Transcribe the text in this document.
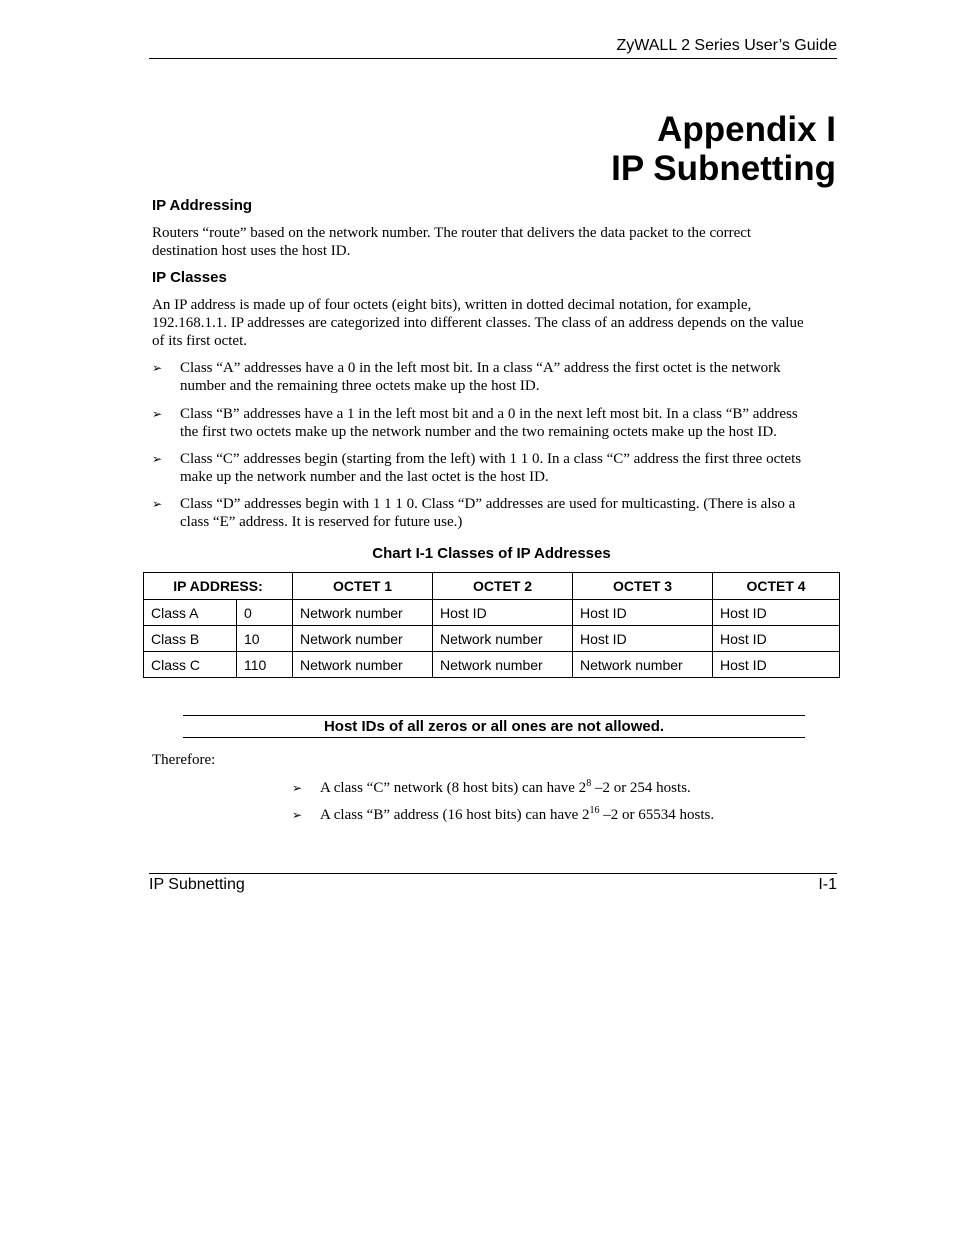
ZyWALL 2 Series User’s Guide
Appendix I
IP Subnetting
IP Addressing
Routers “route” based on the network number. The router that delivers the data packet to the correct
destination host uses the host ID.
IP Classes
An IP address is made up of four octets (eight bits), written in dotted decimal notation, for example,
192.168.1.1. IP addresses are categorized into different classes. The class of an address depends on the value
of its first octet.
➢ Class “A” addresses have a 0 in the left most bit. In a class “A” address the first octet is the network
number and the remaining three octets make up the host ID.
➢ Class “B” addresses have a 1 in the left most bit and a 0 in the next left most bit. In a class “B” address
the first two octets make up the network number and the two remaining octets make up the host ID.
➢ Class “C” addresses begin (starting from the left) with 1 1 0. In a class “C” address the first three octets
make up the network number and the last octet is the host ID.
➢ Class “D” addresses begin with 1 1 1 0. Class “D” addresses are used for multicasting. (There is also a
class “E” address. It is reserved for future use.)
Chart I-1 Classes of IP Addresses
IP ADDRESS:		OCTET 1	OCTET 2	OCTET 3	OCTET 4
Class A	0	Network number	Host ID	Host ID	Host ID
Class B	10	Network number	Network number	Host ID	Host ID
Class C	110	Network number	Network number	Network number	Host ID
Host IDs of all zeros or all ones are not allowed.
Therefore:
➢ A class “C” network (8 host bits) can have $2^8$ –2 or 254 hosts.
➢ A class “B” address (16 host bits) can have $2^{16}$ –2 or 65534 hosts.
IP Subnetting	I-1
